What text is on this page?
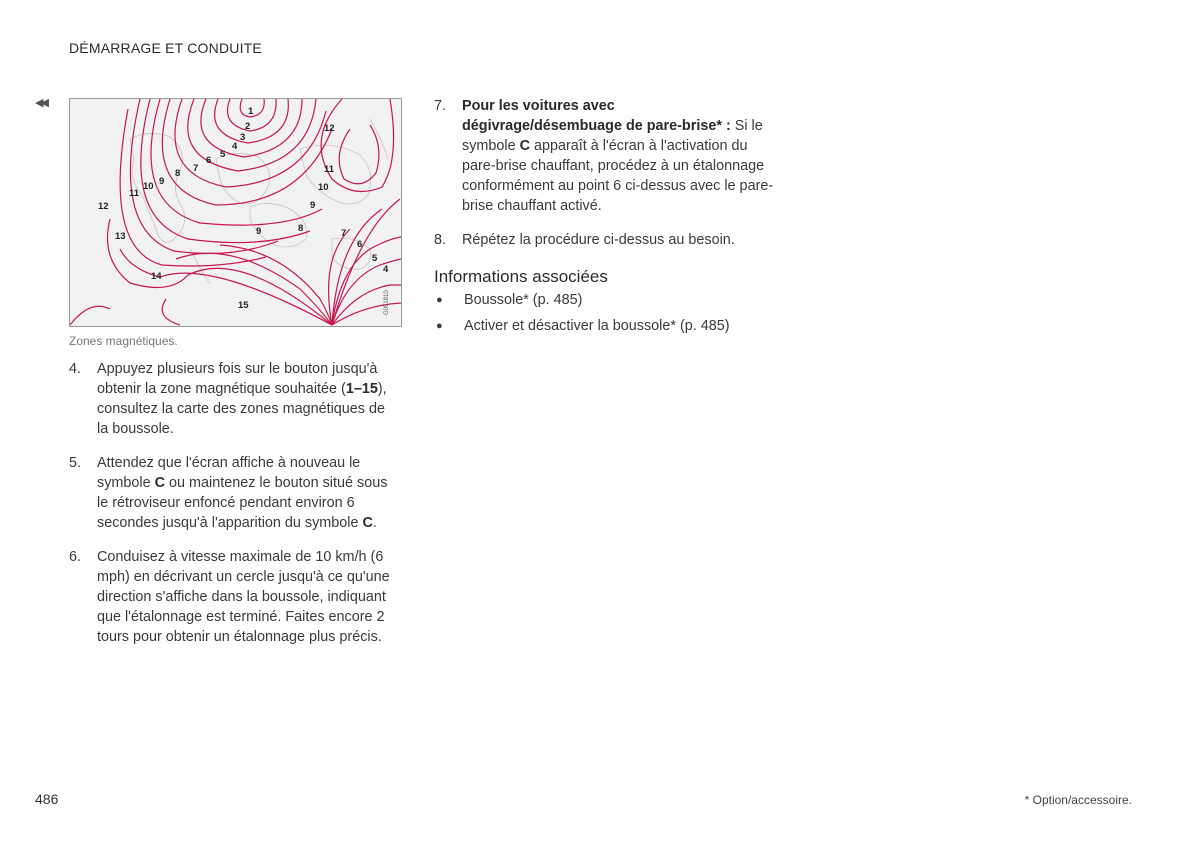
DÉMARRAGE ET CONDUITE
◀◀
1
2
3
4
5
6
7
8
9
10
11
12
12
11
10
9
9	8	7
6
5
4
13
14
15	G051810
Zones magnétiques.
4.	Appuyez plusieurs fois sur le bouton jusqu'à obtenir la zone magnétique souhaitée (1–15), consultez la carte des zones magnétiques de la boussole.
5.	Attendez que l'écran affiche à nouveau le symbole C ou maintenez le bouton situé sous le rétroviseur enfoncé pendant environ 6 secondes jusqu'à l'apparition du symbole C.
6.	Conduisez à vitesse maximale de 10 km/h (6 mph) en décrivant un cercle jusqu'à ce qu'une direction s'affiche dans la boussole, indiquant que l'étalonnage est terminé. Faites encore 2 tours pour obtenir un étalonnage plus précis.
7.	Pour les voitures avec dégivrage/désembuage de pare-brise* : Si le symbole C apparaît à l'écran à l'activation du pare-brise chauffant, procédez à un étalonnage conformément au point 6 ci-dessus avec le pare-brise chauffant activé.
8.	Répétez la procédure ci-dessus au besoin.
Informations associées
●	Boussole* (p. 485)
●	Activer et désactiver la boussole* (p. 485)
486	* Option/accessoire.
